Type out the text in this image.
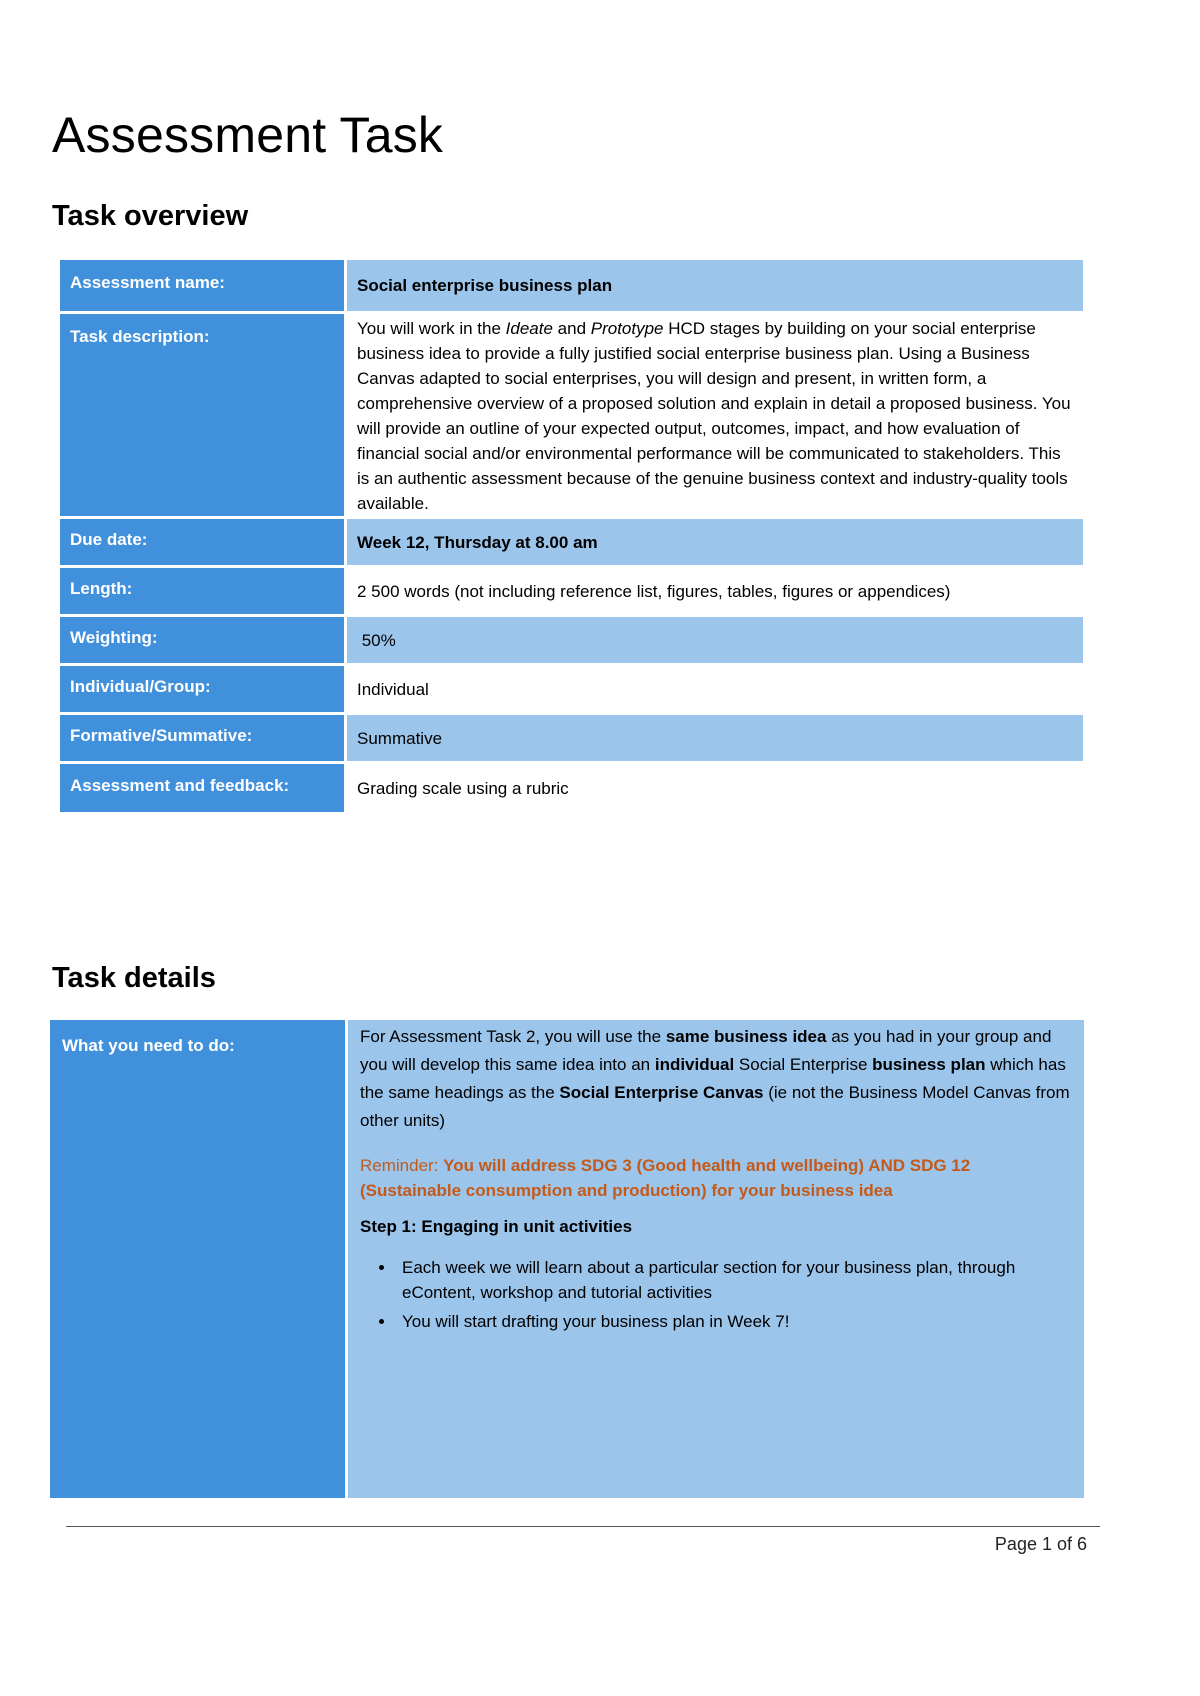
Assessment Task
Task overview
Assessment name:	Social enterprise business plan
Task description:	You will work in the Ideate and Prototype HCD stages by building on your social enterprise business idea to provide a fully justified social enterprise business plan. Using a Business Canvas adapted to social enterprises, you will design and present, in written form, a comprehensive overview of a proposed solution and explain in detail a proposed business. You will provide an outline of your expected output, outcomes, impact, and how evaluation of financial social and/or environmental performance will be communicated to stakeholders. This is an authentic assessment because of the genuine business context and industry-quality tools available.
Due date:	Week 12, Thursday at 8.00 am
Length:	2 500 words (not including reference list, figures, tables, figures or appendices)
Weighting:	50%
Individual/Group:	Individual
Formative/Summative:	Summative
Assessment and feedback:	Grading scale using a rubric
Task details
What you need to do:	For Assessment Task 2, you will use the same business idea as you had in your group and you will develop this same idea into an individual Social Enterprise business plan which has the same headings as the Social Enterprise Canvas (ie not the Business Model Canvas from other units)

Reminder: You will address SDG 3 (Good health and wellbeing) AND SDG 12 (Sustainable consumption and production) for your business idea

Step 1: Engaging in unit activities

• Each week we will learn about a particular section for your business plan, through eContent, workshop and tutorial activities
• You will start drafting your business plan in Week 7!
Page 1 of 6
